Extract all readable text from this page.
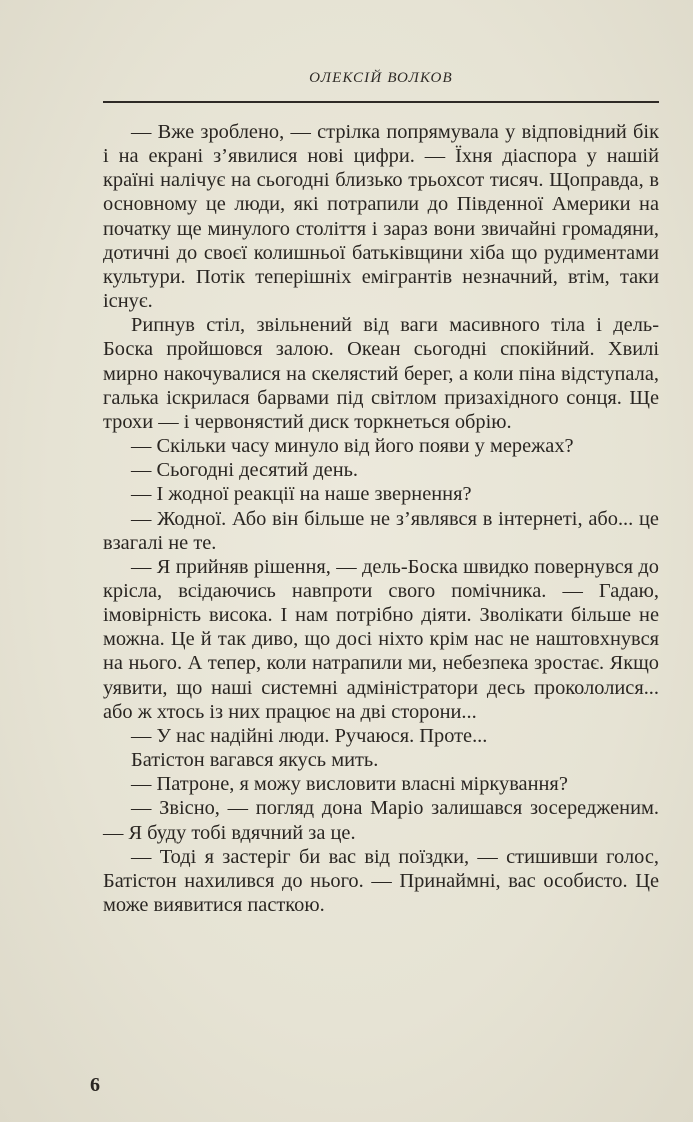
ОЛЕКСІЙ ВОЛКОВ

— Вже зроблено, — стрілка попрямувала у відповідний бік і на екрані з’явилися нові цифри. — Їхня діаспора у нашій країні налічує на сьогодні близько трьохсот тисяч. Щоправда, в основному це люди, які потрапили до Південної Америки на початку ще минулого століття і зараз вони звичайні громадяни, дотичні до своєї колишньої батьківщини хіба що рудиментами культури. Потік теперішніх емігрантів незначний, втім, таки існує.

Рипнув стіл, звільнений від ваги масивного тіла і дель-Боска пройшовся залою. Океан сьогодні спокійний. Хвилі мирно накочувалися на скелястий берег, а коли піна відступала, галька іскрилася барвами під світлом призахідного сонця. Ще трохи — і червонястий диск торкнеться обрію.

— Скільки часу минуло від його появи у мережах?

— Сьогодні десятий день.

— І жодної реакції на наше звернення?

— Жодної. Або він більше не з’являвся в інтернеті, або... це взагалі не те.

— Я прийняв рішення, — дель-Боска швидко повернувся до крісла, всідаючись навпроти свого помічника. — Гадаю, імовірність висока. І нам потрібно діяти. Зволікати більше не можна. Це й так диво, що досі ніхто крім нас не наштовхнувся на нього. А тепер, коли натрапили ми, небезпека зростає. Якщо уявити, що наші системні адміністратори десь прокололися... або ж хтось із них працює на дві сторони...

— У нас надійні люди. Ручаюся. Проте...

Батістон вагався якусь мить.

— Патроне, я можу висловити власні міркування?

— Звісно, — погляд дона Маріо залишався зосередженим. — Я буду тобі вдячний за це.

— Тоді я застеріг би вас від поїздки, — стишивши голос, Батістон нахилився до нього. — Принаймні, вас особисто. Це може виявитися пасткою.

6
